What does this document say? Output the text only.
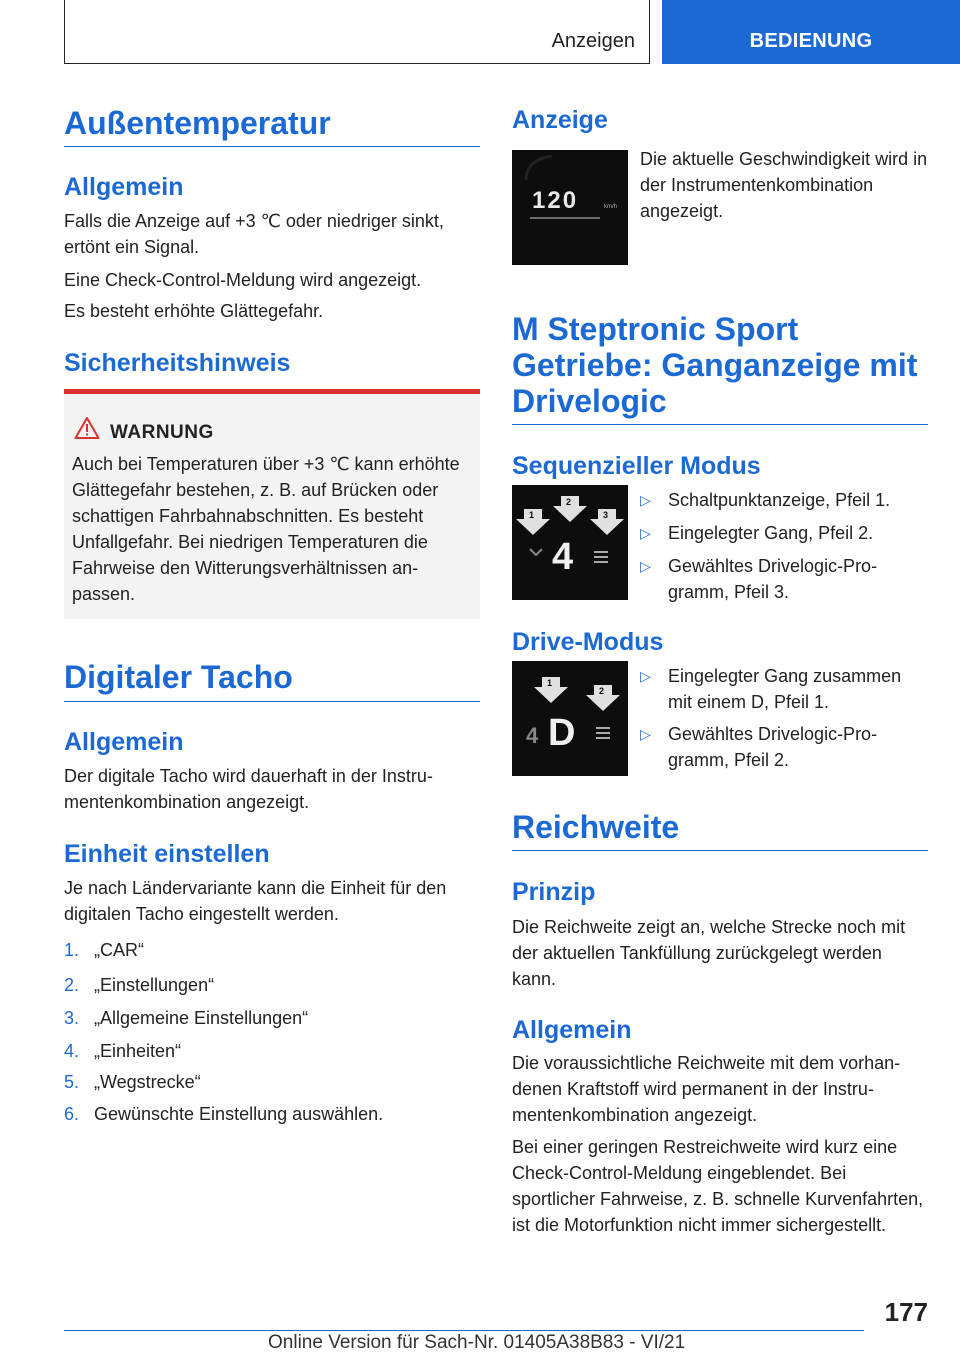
Anzeigen	BEDIENUNG
Außentemperatur
Allgemein
Falls die Anzeige auf +3 ℃ oder niedriger sinkt, ertönt ein Signal.
Eine Check-Control-Meldung wird angezeigt.
Es besteht erhöhte Glättegefahr.
Sicherheitshinweis
WARNUNG
Auch bei Temperaturen über +3 ℃ kann erhöhte Glättegefahr bestehen, z. B. auf Brücken oder schattigen Fahrbahnabschnitten. Es besteht Unfallgefahr. Bei niedrigen Temperaturen die Fahrweise den Witterungsverhältnissen anpassen.
Digitaler Tacho
Allgemein
Der digitale Tacho wird dauerhaft in der Instrumentenkombination angezeigt.
Einheit einstellen
Je nach Ländervariante kann die Einheit für den digitalen Tacho eingestellt werden.
1. „CAR“
2. „Einstellungen“
3. „Allgemeine Einstellungen“
4. „Einheiten“
5. „Wegstrecke“
6. Gewünschte Einstellung auswählen.
Anzeige
120	km/h
Die aktuelle Geschwindigkeit wird in der Instrumentenkombination angezeigt.
M Steptronic Sport Getriebe: Ganganzeige mit Drivelogic
Sequenzieller Modus
1
2
3
4
▷ Schaltpunktanzeige, Pfeil 1.
▷ Eingelegter Gang, Pfeil 2.
▷ Gewähltes Drivelogic-Programm, Pfeil 3.
Drive-Modus
1
2
4 D
▷ Eingelegter Gang zusammen mit einem D, Pfeil 1.
▷ Gewähltes Drivelogic-Programm, Pfeil 2.
Reichweite
Prinzip
Die Reichweite zeigt an, welche Strecke noch mit der aktuellen Tankfüllung zurückgelegt werden kann.
Allgemein
Die voraussichtliche Reichweite mit dem vorhandenen Kraftstoff wird permanent in der Instrumentenkombination angezeigt.
Bei einer geringen Restreichweite wird kurz eine Check-Control-Meldung eingeblendet. Bei sportlicher Fahrweise, z. B. schnelle Kurvenfahrten, ist die Motorfunktion nicht immer sichergestellt.
177
Online Version für Sach-Nr. 01405A38B83 - VI/21
